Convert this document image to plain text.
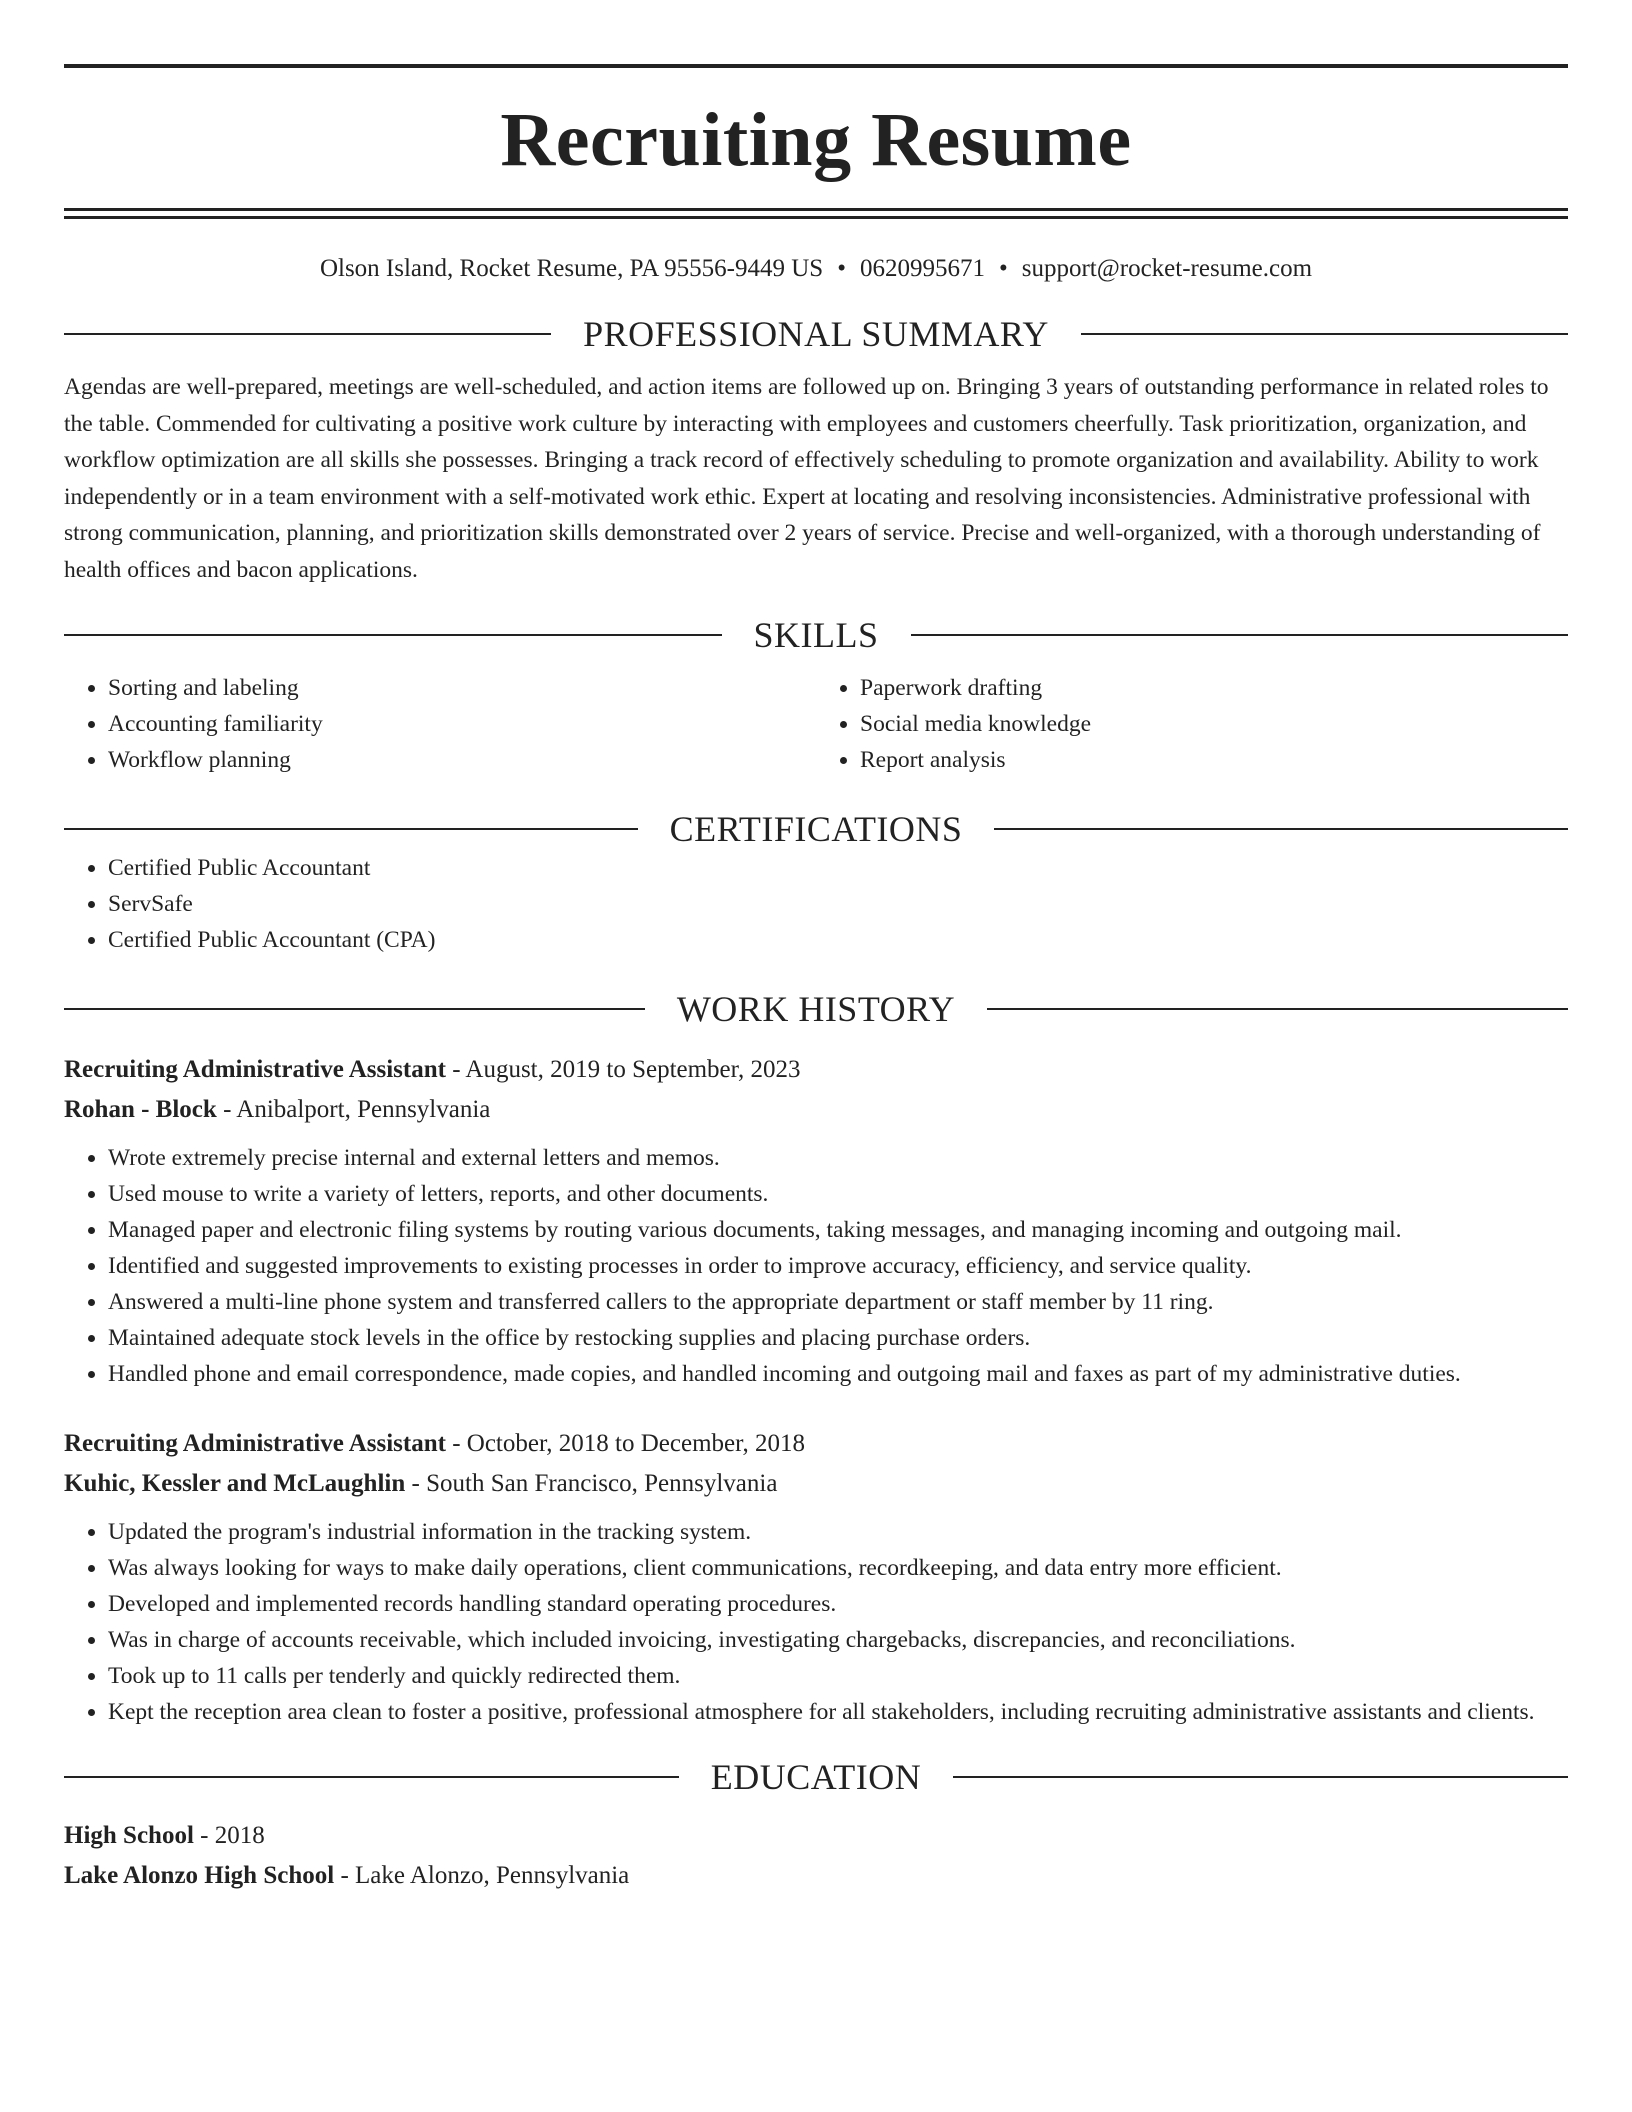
Recruiting Resume
Olson Island, Rocket Resume, PA 95556-9449 US • 0620995671 • support@rocket-resume.com
PROFESSIONAL SUMMARY
Agendas are well-prepared, meetings are well-scheduled, and action items are followed up on. Bringing 3 years of outstanding performance in related roles to the table. Commended for cultivating a positive work culture by interacting with employees and customers cheerfully. Task prioritization, organization, and workflow optimization are all skills she possesses. Bringing a track record of effectively scheduling to promote organization and availability. Ability to work independently or in a team environment with a self-motivated work ethic. Expert at locating and resolving inconsistencies. Administrative professional with strong communication, planning, and prioritization skills demonstrated over 2 years of service. Precise and well-organized, with a thorough understanding of health offices and bacon applications.
SKILLS
• Sorting and labeling
• Accounting familiarity
• Workflow planning
• Paperwork drafting
• Social media knowledge
• Report analysis
CERTIFICATIONS
• Certified Public Accountant
• ServSafe
• Certified Public Accountant (CPA)
WORK HISTORY
Recruiting Administrative Assistant - August, 2019 to September, 2023
Rohan - Block - Anibalport, Pennsylvania
• Wrote extremely precise internal and external letters and memos.
• Used mouse to write a variety of letters, reports, and other documents.
• Managed paper and electronic filing systems by routing various documents, taking messages, and managing incoming and outgoing mail.
• Identified and suggested improvements to existing processes in order to improve accuracy, efficiency, and service quality.
• Answered a multi-line phone system and transferred callers to the appropriate department or staff member by 11 ring.
• Maintained adequate stock levels in the office by restocking supplies and placing purchase orders.
• Handled phone and email correspondence, made copies, and handled incoming and outgoing mail and faxes as part of my administrative duties.
Recruiting Administrative Assistant - October, 2018 to December, 2018
Kuhic, Kessler and McLaughlin - South San Francisco, Pennsylvania
• Updated the program's industrial information in the tracking system.
• Was always looking for ways to make daily operations, client communications, recordkeeping, and data entry more efficient.
• Developed and implemented records handling standard operating procedures.
• Was in charge of accounts receivable, which included invoicing, investigating chargebacks, discrepancies, and reconciliations.
• Took up to 11 calls per tenderly and quickly redirected them.
• Kept the reception area clean to foster a positive, professional atmosphere for all stakeholders, including recruiting administrative assistants and clients.
EDUCATION
High School - 2018
Lake Alonzo High School - Lake Alonzo, Pennsylvania
